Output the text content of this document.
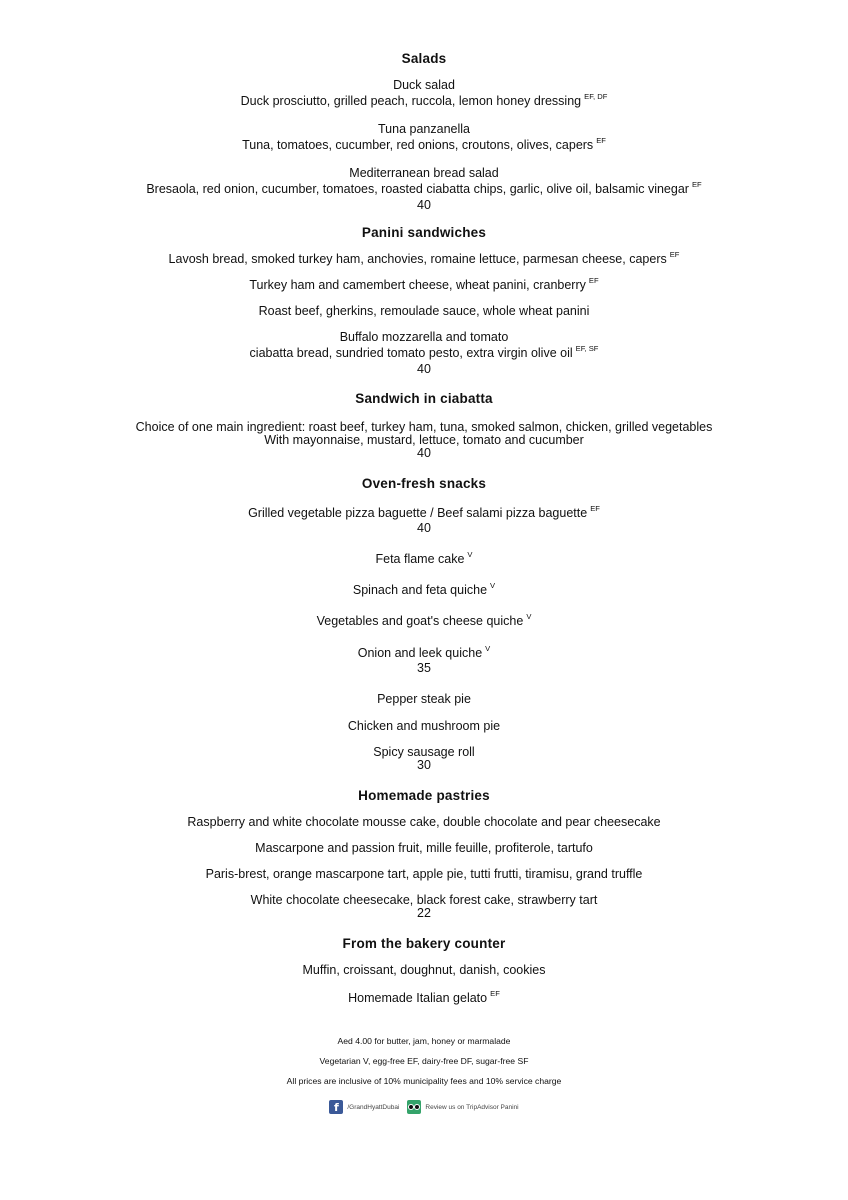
Salads
Duck salad
Duck prosciutto, grilled peach, ruccola, lemon honey dressing $^{EF, DF}$
Tuna panzanella
Tuna, tomatoes, cucumber, red onions, croutons, olives, capers $^{EF}$
Mediterranean bread salad
Bresaola, red onion, cucumber, tomatoes, roasted ciabatta chips, garlic, olive oil, balsamic vinegar $^{EF}$
40
Panini sandwiches
Lavosh bread, smoked turkey ham, anchovies, romaine lettuce, parmesan cheese, capers $^{EF}$
Turkey ham and camembert cheese, wheat panini, cranberry $^{EF}$
Roast beef, gherkins, remoulade sauce, whole wheat panini
Buffalo mozzarella and tomato
ciabatta bread, sundried tomato pesto, extra virgin olive oil $^{EF, SF}$
40
Sandwich in ciabatta
Choice of one main ingredient: roast beef, turkey ham, tuna, smoked salmon, chicken, grilled vegetables
With mayonnaise, mustard, lettuce, tomato and cucumber
40
Oven-fresh snacks
Grilled vegetable pizza baguette / Beef salami pizza baguette $^{EF}$
40
Feta flame cake $^V$
Spinach and feta quiche $^V$
Vegetables and goat's cheese quiche $^V$
Onion and leek quiche $^V$
35
Pepper steak pie
Chicken and mushroom pie
Spicy sausage roll
30
Homemade pastries
Raspberry and white chocolate mousse cake, double chocolate and pear cheesecake
Mascarpone and passion fruit, mille feuille, profiterole, tartufo
Paris-brest, orange mascarpone tart, apple pie, tutti frutti, tiramisu, grand truffle
White chocolate cheesecake, black forest cake, strawberry tart
22
From the bakery counter
Muffin, croissant, doughnut, danish, cookies
Homemade Italian gelato $^{EF}$
Aed 4.00 for butter, jam, honey or marmalade
Vegetarian V, egg-free EF, dairy-free DF, sugar-free SF
All prices are inclusive of 10% municipality fees and 10% service charge
f	/GrandHyattDubai	Review us on TripAdvisor Panini
